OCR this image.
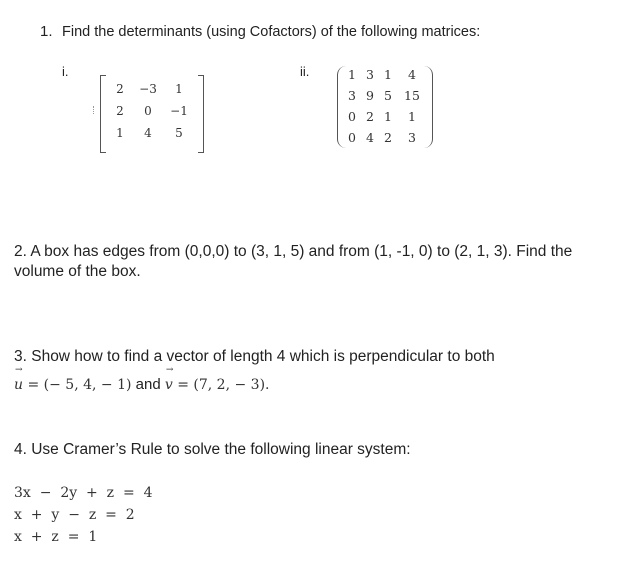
1. Find the determinants (using Cofactors) of the following matrices:
i.
2	−3	1
2	0	−1
1	4	5
ii.	1 3 1	4
3 9 5 15
0 2 1	1
0 4 2	3
2. A box has edges from (0,0,0) to (3, 1, 5) and from (1, -1, 0) to (2, 1, 3). Find the
volume of the box.
3. Show how to find a vector of length 4 which is perpendicular to both
→ u = (− 5, 4, − 1) and → v = (7, 2, − 3).
4. Use Cramer’s Rule to solve the following linear system:
3x  −  2y  +  z  =  4
x  +  y  −  z  =  2
x  +  z  =  1
